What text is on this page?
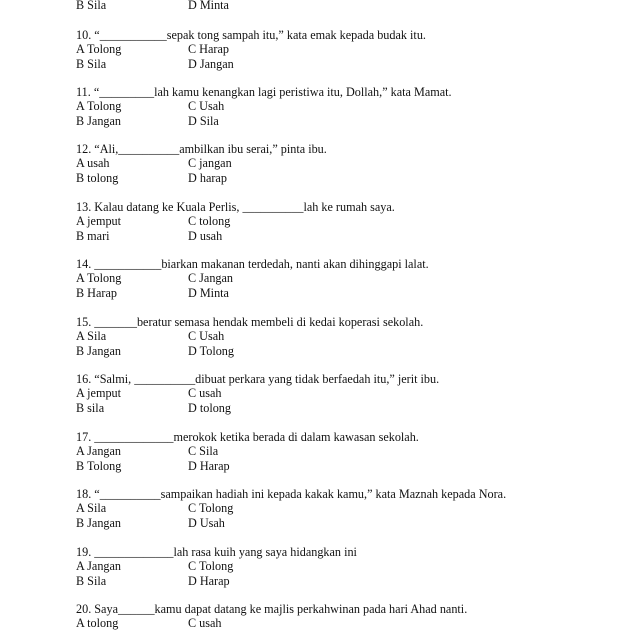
B Sila	D Minta
10. “___________sepak tong sampah itu,” kata emak kepada budak itu.
A Tolong	C Harap
B Sila	D Jangan
11. “_________lah kamu kenangkan lagi peristiwa itu, Dollah,” kata Mamat.
A Tolong	C Usah
B Jangan	D Sila
12. “Ali,__________ambilkan ibu serai,” pinta ibu.
A usah	C jangan
B tolong	D harap
13. Kalau datang ke Kuala Perlis, __________lah ke rumah saya.
A jemput	C tolong
B mari	D usah
14. ___________biarkan makanan terdedah, nanti akan dihinggapi lalat.
A Tolong	C Jangan
B Harap	D Minta
15. _______beratur semasa hendak membeli di kedai koperasi sekolah.
A Sila	C Usah
B Jangan	D Tolong
16. “Salmi, __________dibuat perkara yang tidak berfaedah itu,” jerit ibu.
A jemput	C usah
B sila	D tolong
17. _____________merokok ketika berada di dalam kawasan sekolah.
A Jangan	C Sila
B Tolong	D Harap
18. “__________sampaikan hadiah ini kepada kakak kamu,” kata Maznah kepada Nora.
A Sila	C Tolong
B Jangan	D Usah
19. _____________lah rasa kuih yang saya hidangkan ini
A Jangan	C Tolong
B Sila	D Harap
20. Saya______kamu dapat datang ke majlis perkahwinan pada hari Ahad nanti.
A tolong	C usah
